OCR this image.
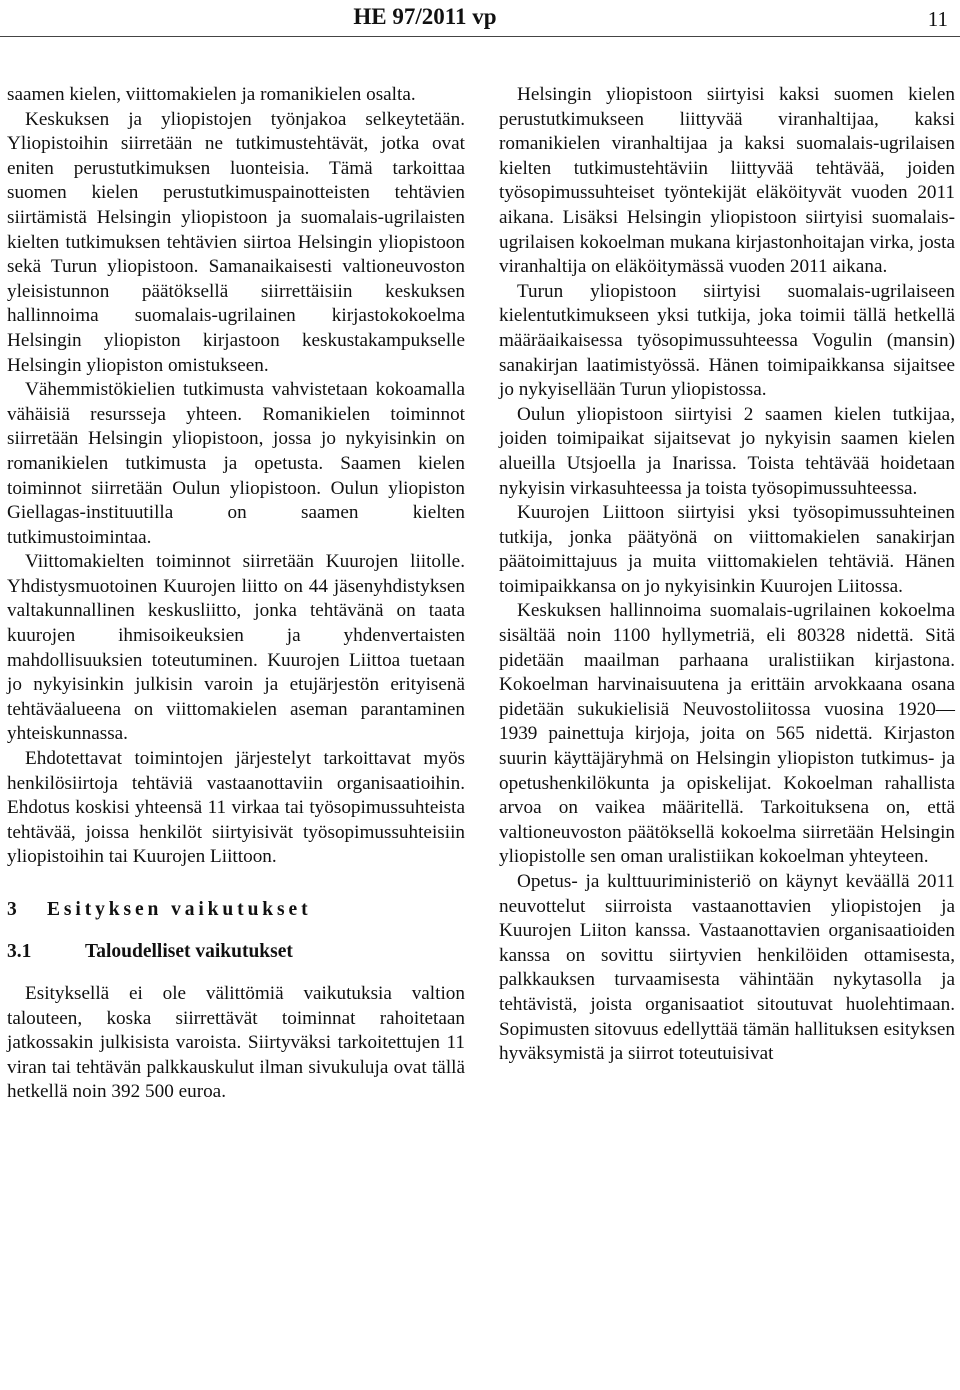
HE 97/2011 vp	11

saamen kielen, viittomakielen ja romanikielen osalta.

Keskuksen ja yliopistojen työnjakoa selkeytetään. Yliopistoihin siirretään ne tutkimustehtävät, jotka ovat eniten perustutkimuksen luonteisia. Tämä tarkoittaa suomen kielen perustutkimuspainotteisten tehtävien siirtämistä Helsingin yliopistoon ja suomalais-ugrilaisten kielten tutkimuksen tehtävien siirtoa Helsingin yliopistoon sekä Turun yliopistoon. Samanaikaisesti valtioneuvoston yleisistunnon päätöksellä siirrettäisiin keskuksen hallinnoima suomalais-ugrilainen kirjastokokoelma Helsingin yliopiston kirjastoon keskustakampukselle Helsingin yliopiston omistukseen.

Vähemmistökielien tutkimusta vahvistetaan kokoamalla vähäisiä resursseja yhteen. Romanikielen toiminnot siirretään Helsingin yliopistoon, jossa jo nykyisinkin on romanikielen tutkimusta ja opetusta. Saamen kielen toiminnot siirretään Oulun yliopistoon. Oulun yliopiston Giellagas-instituutilla on saamen kielten tutkimustoimintaa.

Viittomakielten toiminnot siirretään Kuurojen liitolle. Yhdistysmuotoinen Kuurojen liitto on 44 jäsenyhdistyksen valtakunnallinen keskusliitto, jonka tehtävänä on taata kuurojen ihmisoikeuksien ja yhdenvertaisten mahdollisuuksien toteutuminen. Kuurojen Liittoa tuetaan jo nykyisinkin julkisin varoin ja etujärjestön erityisenä tehtäväalueena on viittomakielen aseman parantaminen yhteiskunnassa.

Ehdotettavat toimintojen järjestelyt tarkoittavat myös henkilösiirtoja tehtäviä vastaanottaviin organisaatioihin. Ehdotus koskisi yhteensä 11 virkaa tai työsopimussuhteista tehtävää, joissa henkilöt siirtyisivät työsopimussuhteisiin yliopistoihin tai Kuurojen Liittoon.

3 Esityksen vaikutukset
3.1	Taloudelliset vaikutukset

Esityksellä ei ole välittömiä vaikutuksia valtion talouteen, koska siirrettävät toiminnat rahoitetaan jatkossakin julkisista varoista. Siirtyväksi tarkoitettujen 11 viran tai tehtävän palkkauskulut ilman sivukuluja ovat tällä hetkellä noin 392 500 euroa.

Helsingin yliopistoon siirtyisi kaksi suomen kielen perustutkimukseen liittyvää viranhaltijaa, kaksi romanikielen viranhaltijaa ja kaksi suomalais-ugrilaisen kielten tutkimustehtäviin liittyvää tehtävää, joiden työsopimussuhteiset työntekijät eläköityvät vuoden 2011 aikana. Lisäksi Helsingin yliopistoon siirtyisi suomalais-ugrilaisen kokoelman mukana kirjastonhoitajan virka, josta viranhaltija on eläköitymässä vuoden 2011 aikana.

Turun yliopistoon siirtyisi suomalais-ugrilaiseen kielentutkimukseen yksi tutkija, joka toimii tällä hetkellä määräaikaisessa työsopimussuhteessa Vogulin (mansin) sanakirjan laatimistyössä. Hänen toimipaikkansa sijaitsee jo nykyisellään Turun yliopistossa.

Oulun yliopistoon siirtyisi 2 saamen kielen tutkijaa, joiden toimipaikat sijaitsevat jo nykyisin saamen kielen alueilla Utsjoella ja Inarissa. Toista tehtävää hoidetaan nykyisin virkasuhteessa ja toista työsopimussuhteessa.

Kuurojen Liittoon siirtyisi yksi työsopimussuhteinen tutkija, jonka päätyönä on viittomakielen sanakirjan päätoimittajuus ja muita viittomakielen tehtäviä. Hänen toimipaikkansa on jo nykyisinkin Kuurojen Liitossa.

Keskuksen hallinnoima suomalais-ugrilainen kokoelma sisältää noin 1100 hyllymetriä, eli 80328 nidettä. Sitä pidetään maailman parhaana uralistiikan kirjastona. Kokoelman harvinaisuutena ja erittäin arvokkaana osana pidetään sukukielisiä Neuvostoliitossa vuosina 1920—1939 painettuja kirjoja, joita on 565 nidettä. Kirjaston suurin käyttäjäryhmä on Helsingin yliopiston tutkimus- ja opetushenkilökunta ja opiskelijat. Kokoelman rahallista arvoa on vaikea määritellä. Tarkoituksena on, että valtioneuvoston päätöksellä kokoelma siirretään Helsingin yliopistolle sen oman uralistiikan kokoelman yhteyteen.

Opetus- ja kulttuuriministeriö on käynyt keväällä 2011 neuvottelut siirroista vastaanottavien yliopistojen ja Kuurojen Liiton kanssa. Vastaanottavien organisaatioiden kanssa on sovittu siirtyvien henkilöiden ottamisesta, palkkauksen turvaamisesta vähintään nykytasolla ja tehtävistä, joista organisaatiot sitoutuvat huolehtimaan. Sopimusten sitovuus edellyttää tämän hallituksen esityksen hyväksymistä ja siirrot toteutuisivat
